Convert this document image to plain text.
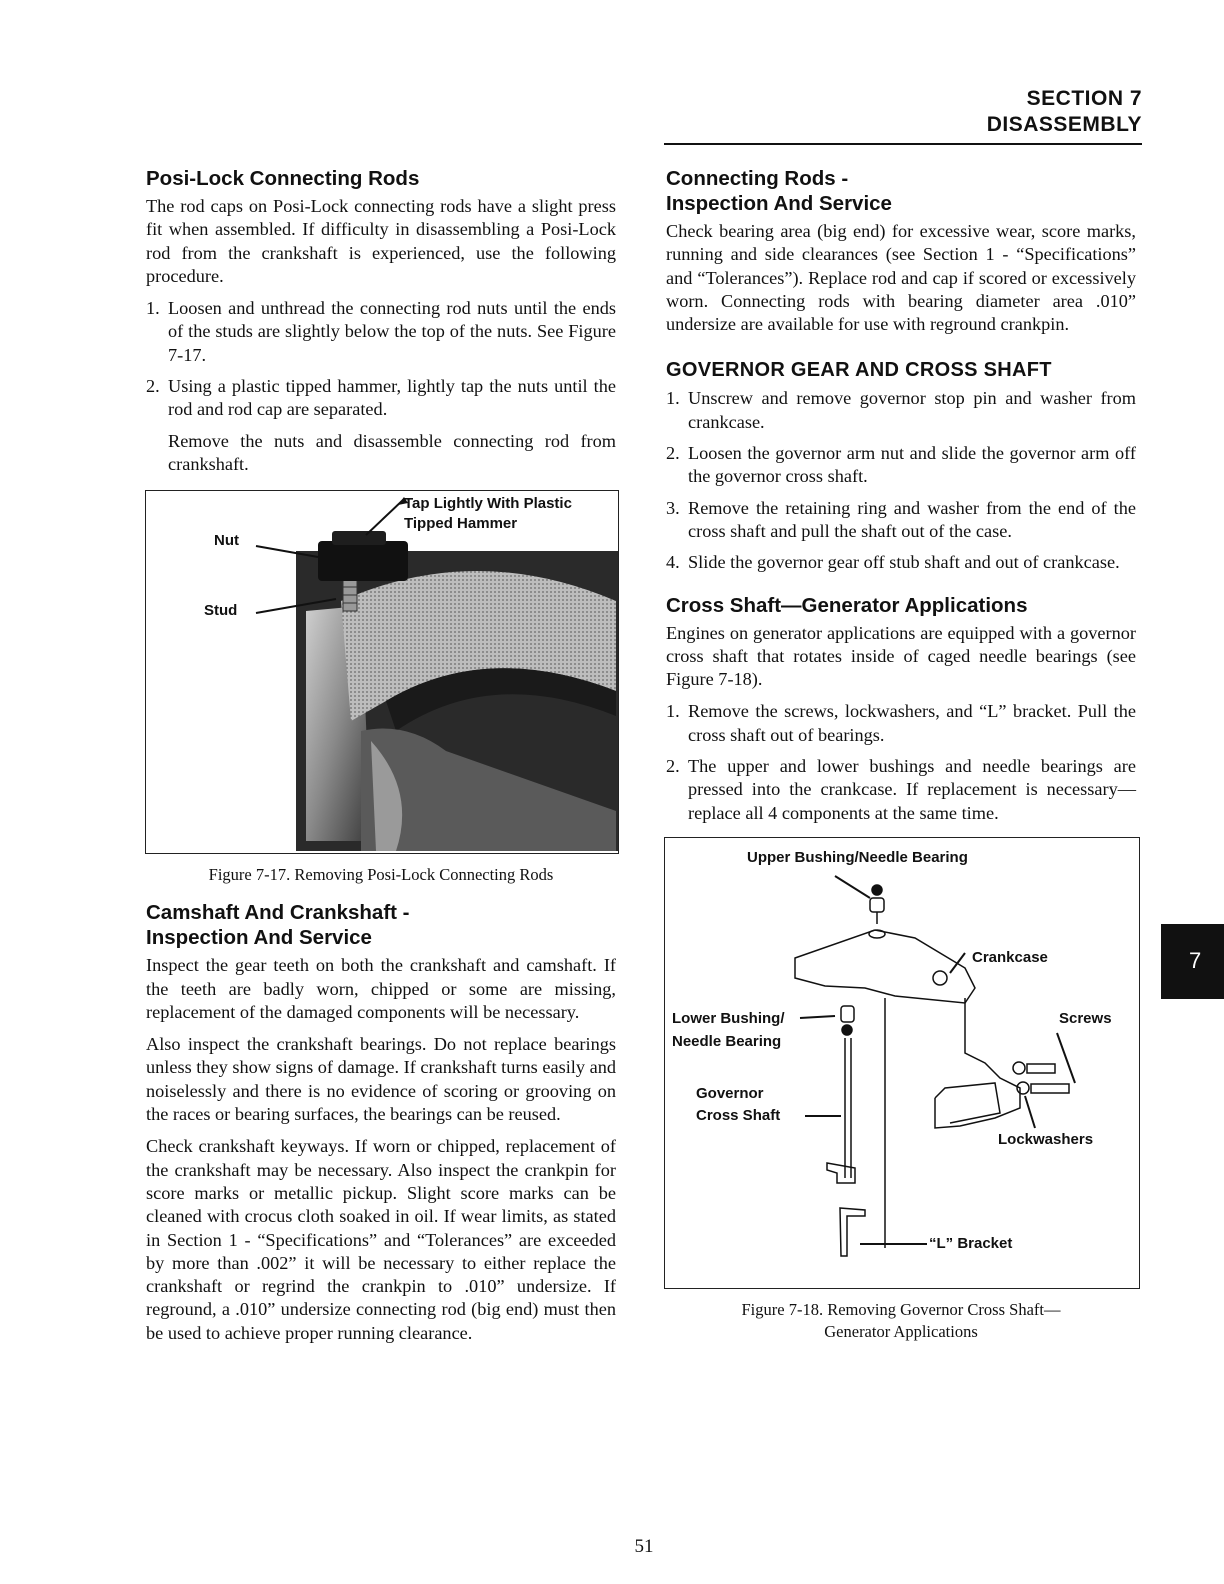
SECTION 7
DISASSEMBLY
Posi-Lock Connecting Rods

The rod caps on Posi-Lock connecting rods have a slight press fit when assembled. If difficulty in disassembling a Posi-Lock rod from the crankshaft is experienced, use the following procedure.

1. Loosen and unthread the connecting rod nuts until the ends of the studs are slightly below the top of the nuts. See Figure 7-17.
2. Using a plastic tipped hammer, lightly tap the nuts until the rod and rod cap are separated.

Remove the nuts and disassemble connecting rod from crankshaft.

Tap Lightly With Plastic
Tipped Hammer
Nut
Stud
Figure 7-17. Removing Posi-Lock Connecting Rods
Camshaft And Crankshaft -
Inspection And Service

Inspect the gear teeth on both the crankshaft and camshaft. If the teeth are badly worn, chipped or some are missing, replacement of the damaged components will be necessary.

Also inspect the crankshaft bearings. Do not replace bearings unless they show signs of damage. If crankshaft turns easily and noiselessly and there is no evidence of scoring or grooving on the races or bearing surfaces, the bearings can be reused.

Check crankshaft keyways. If worn or chipped, replacement of the crankshaft may be necessary. Also inspect the crankpin for score marks or metallic pickup. Slight score marks can be cleaned with crocus cloth soaked in oil. If wear limits, as stated in Section 1 - “Specifications” and “Tolerances” are exceeded by more than .002” it will be necessary to either replace the crankshaft or regrind the crankpin to .010” undersize. If reground, a .010” undersize connecting rod (big end) must then be used to achieve proper running clearance.

Connecting Rods -
Inspection And Service

Check bearing area (big end) for excessive wear, score marks, running and side clearances (see Section 1 - “Specifications” and “Tolerances”). Replace rod and cap if scored or excessively worn. Connecting rods with bearing diameter area .010” undersize are available for use with reground crankpin.

GOVERNOR GEAR AND CROSS SHAFT
1. Unscrew and remove governor stop pin and washer from crankcase.
2. Loosen the governor arm nut and slide the governor arm off the governor cross shaft.
3. Remove the retaining ring and washer from the end of the cross shaft and pull the shaft out of the case.
4. Slide the governor gear off stub shaft and out of crankcase.
Cross Shaft—Generator Applications

Engines on generator applications are equipped with a governor cross shaft that rotates inside of caged needle bearings (see Figure 7-18).

1. Remove the screws, lockwashers, and “L” bracket. Pull the cross shaft out of bearings.
2. The upper and lower bushings and needle bearings are pressed into the crankcase. If replacement is necessary—replace all 4 components at the same time.
Upper Bushing/Needle Bearing
Crankcase
Lower Bushing/
Needle Bearing
Screws
Governor
Cross Shaft
Lockwashers
“L” Bracket
Figure 7-18. Removing Governor Cross Shaft—
Generator Applications
51
7
